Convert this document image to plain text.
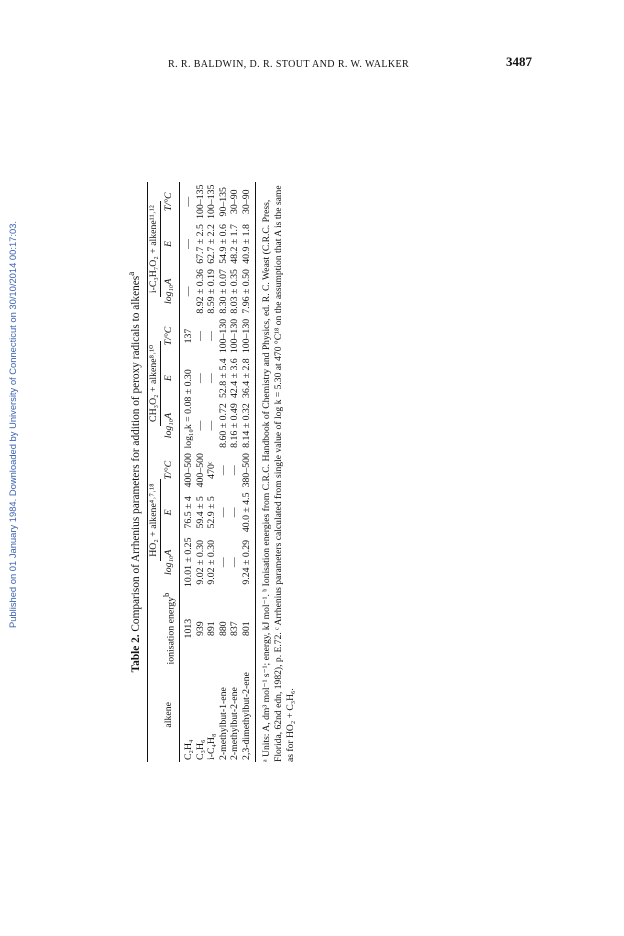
Published on 01 January 1984. Downloaded by University of Connecticut on 30/10/2014 00:17:03.
R. R. BALDWIN, D. R. STOUT AND R. W. WALKER	3487
Table 2. Comparison of Arrhenius parameters for addition of peroxy radicals to alkenes$^a$
		HO₂ + alkene⁴˒⁷˒¹⁸			CH₃O₂ + alkene⁸˒¹⁰			i-C₃H₇O₂ + alkene¹¹˒¹²		
alkene	ionisation energy$^b$	log₁₀A	E	T/°C	log₁₀A	E	T/°C	log₁₀A	E	T/°C
C₂H₄	1013	10.01 ± 0.25	76.5 ± 4	400–500	log₁₀k = 0.08 ± 0.30		137	—	—	—
C₃H₆	939	9.02 ± 0.30	59.4 ± 5	400–500	—	—	—	8.92 ± 0.36	67.7 ± 2.5	100–135
i-C₄H₈	891	9.02 ± 0.30	52.9 ± 5	470ᶜ	—	—	—	8.59 ± 0.19	62.7 ± 2.2	100–135
2-methylbut-1-ene	880	—	—	—	8.60 ± 0.72	52.8 ± 5.4	100–130	8.30 ± 0.07	54.9 ± 0.6	90–135
2-methylbut-2-ene	837	—	—	—	8.16 ± 0.49	42.4 ± 3.6	100–130	8.03 ± 0.35	48.2 ± 1.7	30–90
2,3-dimethylbut-2-ene	801	9.24 ± 0.29	40.0 ± 4.5	380–500	8.14 ± 0.32	36.4 ± 2.8	100–130	7.96 ± 0.50	40.9 ± 1.8	30–90 ᵃ Units: A, dm³ mol⁻¹ s⁻¹; energy, kJ mol⁻¹. ᵇ Ionisation energies from C.R.C. Handbook of Chemistry and Physics, ed. R. C. Weast (C.R.C. Press, Florida, 62nd edn, 1982), p. E.72. ᶜ Arrhenius parameters calculated from single value of log k = 5.30 at 470 °C¹⁸ on the assumption that A is the same as for HO₂ + C₃H₆.
